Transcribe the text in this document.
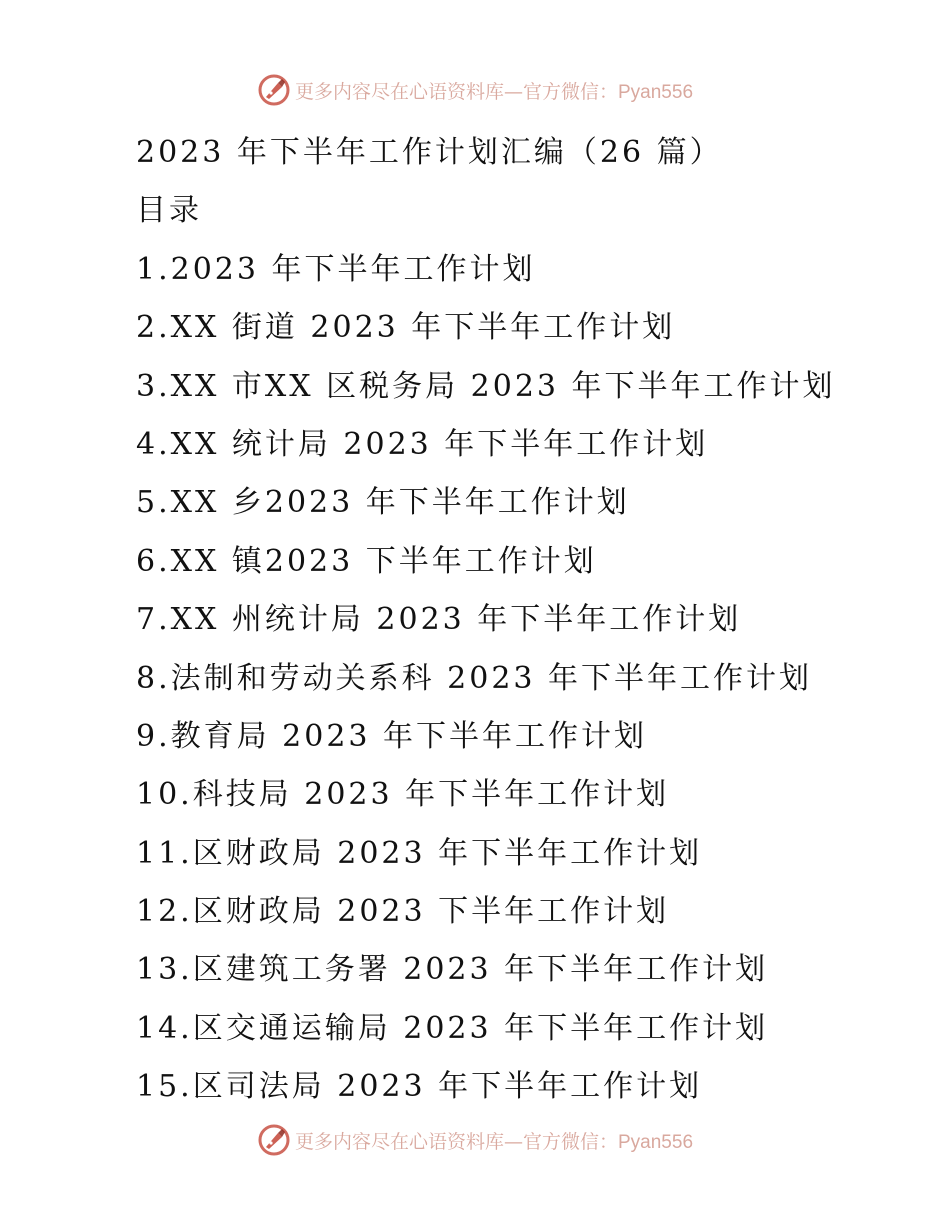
更多内容尽在心语资料库—官方微信：Pyan556
2023 年下半年工作计划汇编（26 篇）
目录
1.2023 年下半年工作计划
2.XX 街道 2023 年下半年工作计划
3.XX 市XX 区税务局 2023 年下半年工作计划
4.XX 统计局 2023 年下半年工作计划
5.XX 乡2023 年下半年工作计划
6.XX 镇2023 下半年工作计划
7.XX 州统计局 2023 年下半年工作计划
8.法制和劳动关系科 2023 年下半年工作计划
9.教育局 2023 年下半年工作计划
10.科技局 2023 年下半年工作计划
11.区财政局 2023 年下半年工作计划
12.区财政局 2023 下半年工作计划
13.区建筑工务署 2023 年下半年工作计划
14.区交通运输局 2023 年下半年工作计划
15.区司法局 2023 年下半年工作计划
更多内容尽在心语资料库—官方微信：Pyan556
